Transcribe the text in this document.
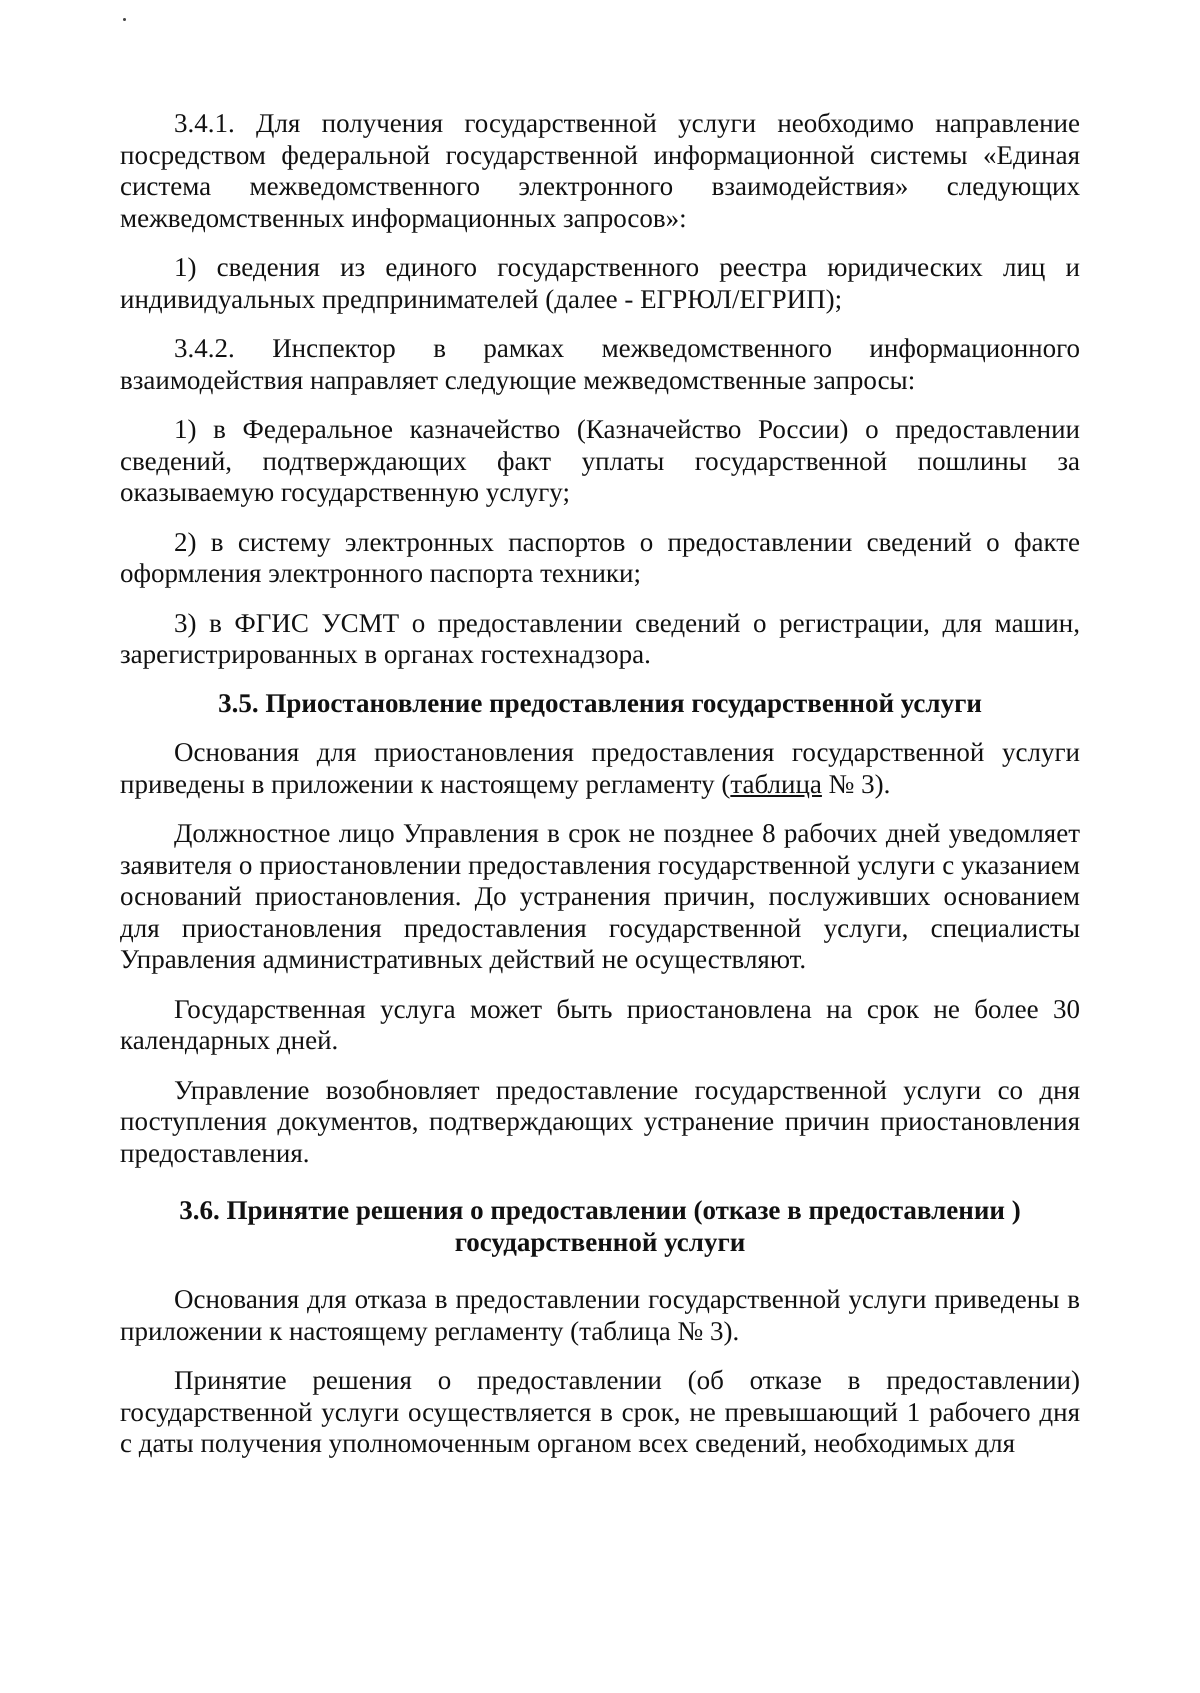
3.4.1. Для получения государственной услуги необходимо направление посредством федеральной государственной информационной системы «Единая система межведомственного электронного взаимодействия» следующих межведомственных информационных запросов»:

1) сведения из единого государственного реестра юридических лиц и индивидуальных предпринимателей (далее - ЕГРЮЛ/ЕГРИП);

3.4.2. Инспектор в рамках межведомственного информационного взаимодействия направляет следующие межведомственные запросы:

1) в Федеральное казначейство (Казначейство России) о предоставлении сведений, подтверждающих факт уплаты государственной пошлины за оказываемую государственную услугу;

2) в систему электронных паспортов о предоставлении сведений о факте оформления электронного паспорта техники;

3) в ФГИС УСМТ о предоставлении сведений о регистрации, для машин, зарегистрированных в органах гостехнадзора.

3.5. Приостановление предоставления государственной услуги

Основания для приостановления предоставления государственной услуги приведены в приложении к настоящему регламенту (таблица № 3).

Должностное лицо Управления в срок не позднее 8 рабочих дней уведомляет заявителя о приостановлении предоставления государственной услуги с указанием оснований приостановления. До устранения причин, послуживших основанием для приостановления предоставления государственной услуги, специалисты Управления административных действий не осуществляют.

Государственная услуга может быть приостановлена на срок не более 30 календарных дней.

Управление возобновляет предоставление государственной услуги со дня поступления документов, подтверждающих устранение причин приостановления предоставления.

3.6. Принятие решения о предоставлении (отказе в предоставлении )
государственной услуги

Основания для отказа в предоставлении государственной услуги приведены в приложении к настоящему регламенту (таблица № 3).

Принятие решения о предоставлении (об отказе в предоставлении) государственной услуги осуществляется в срок, не превышающий 1 рабочего дня с даты получения уполномоченным органом всех сведений, необходимых для
